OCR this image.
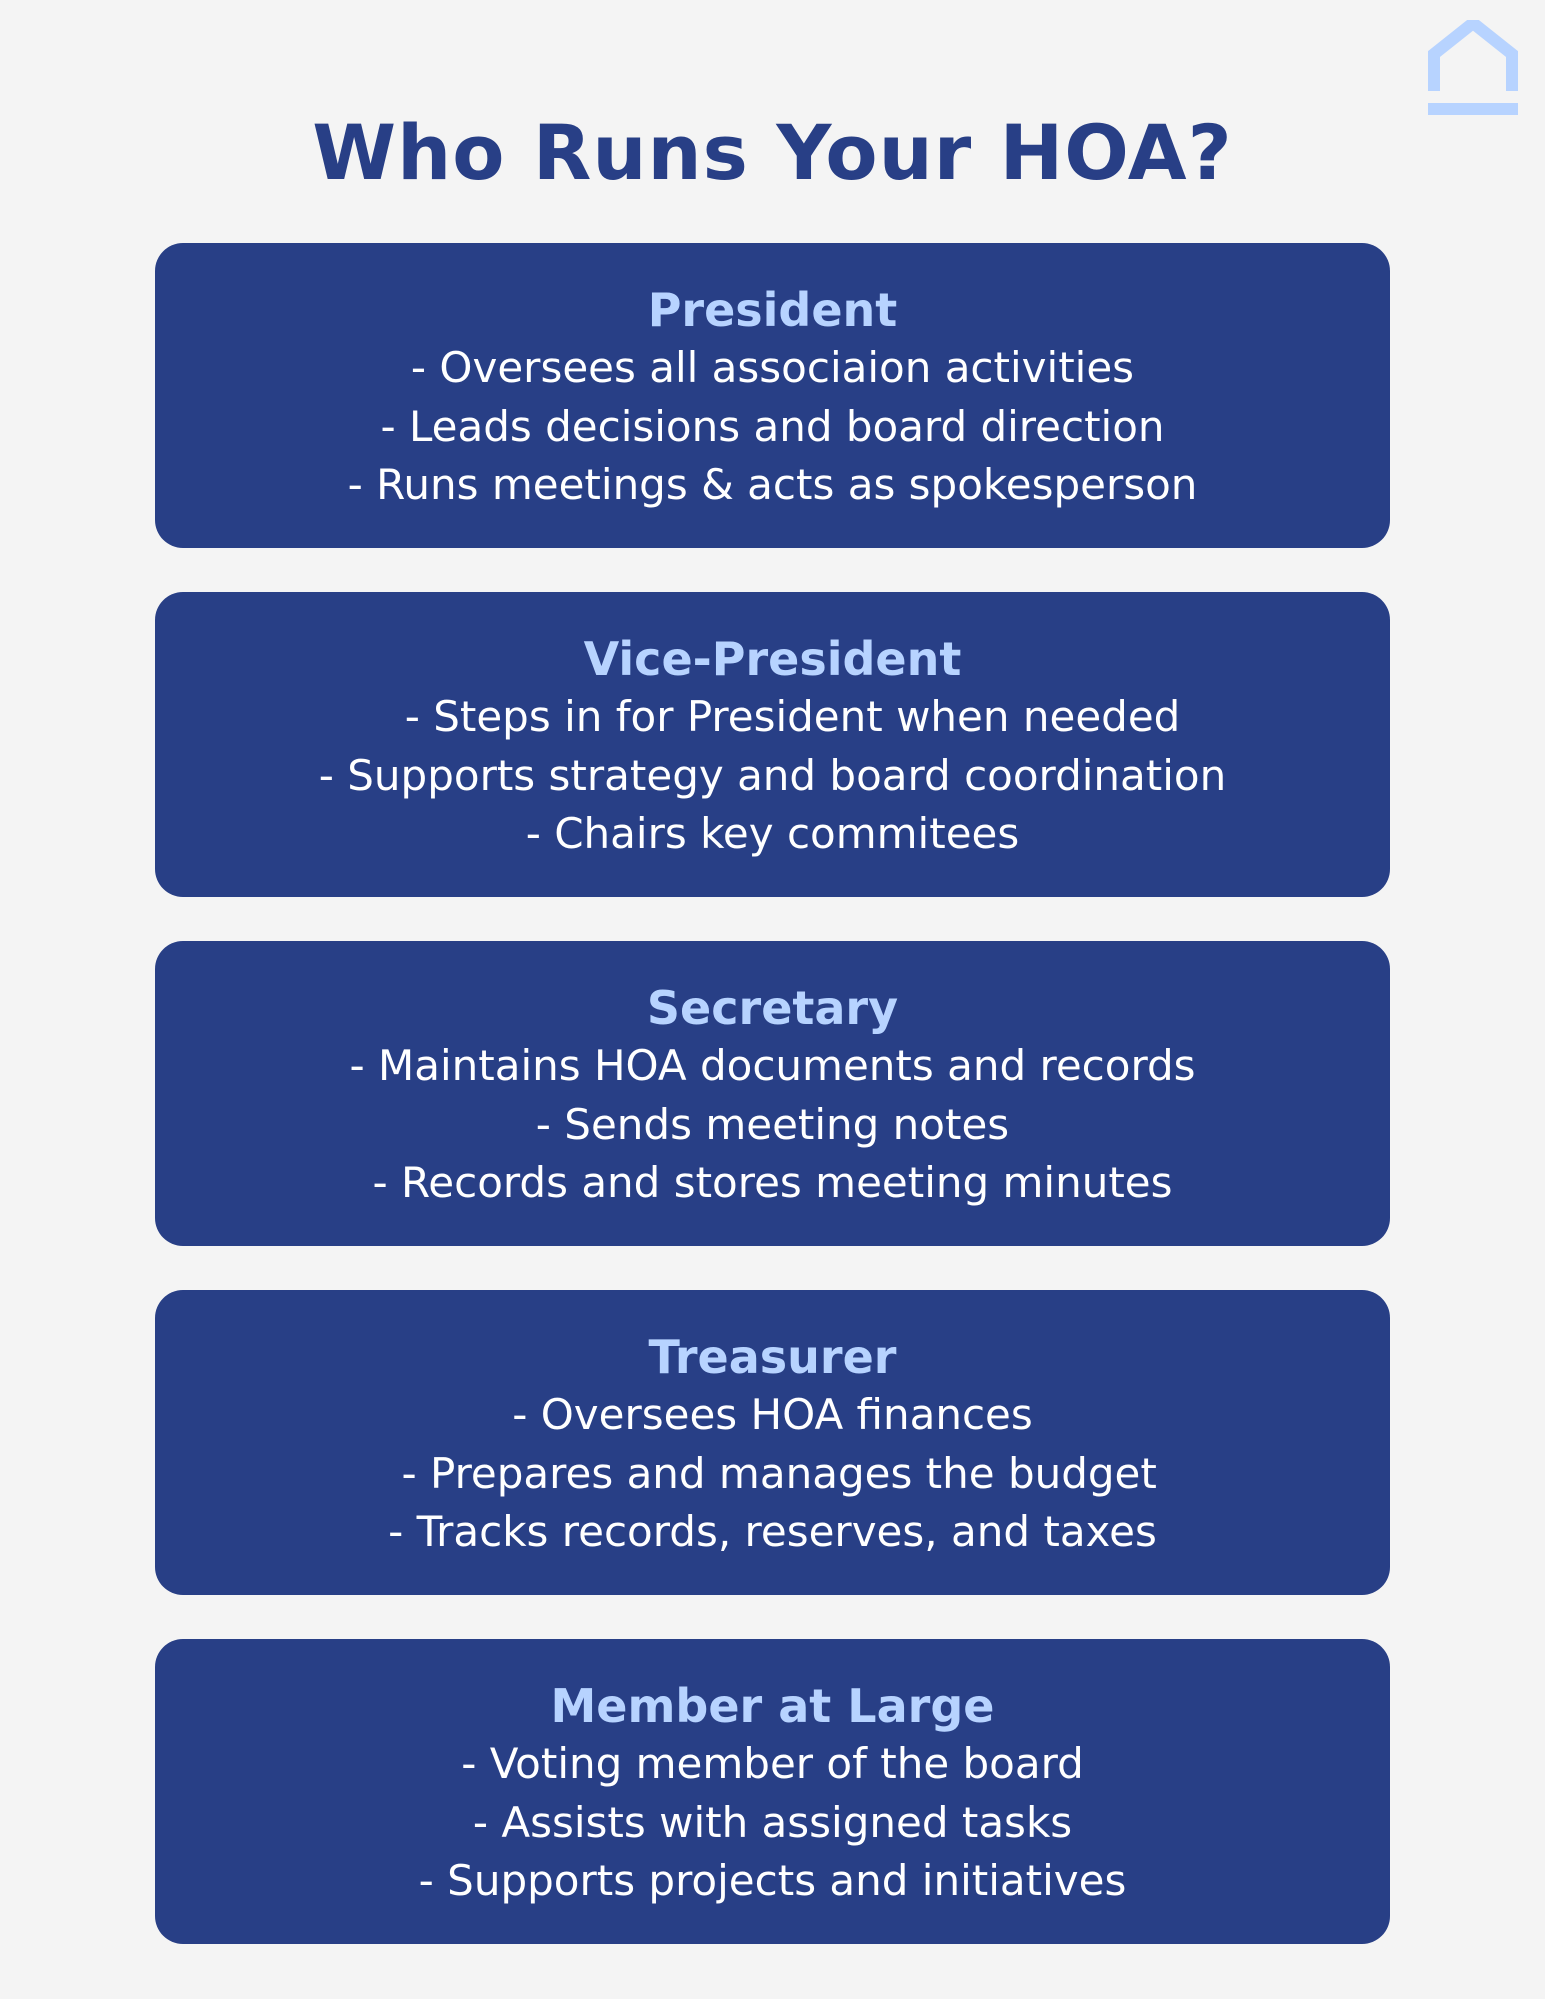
Who Runs Your HOA?

President

- Oversees all associaion activities
- Leads decisions and board direction
- Runs meetings & acts as spokesperson

Vice-President

- Steps in for President when needed
- Supports strategy and board coordination
- Chairs key commitees

Secretary

- Maintains HOA documents and records
- Sends meeting notes
- Records and stores meeting minutes

Treasurer

- Oversees HOA finances
- Prepares and manages the budget
- Tracks records, reserves, and taxes

Member at Large

- Voting member of the board
- Assists with assigned tasks
- Supports projects and initiatives
